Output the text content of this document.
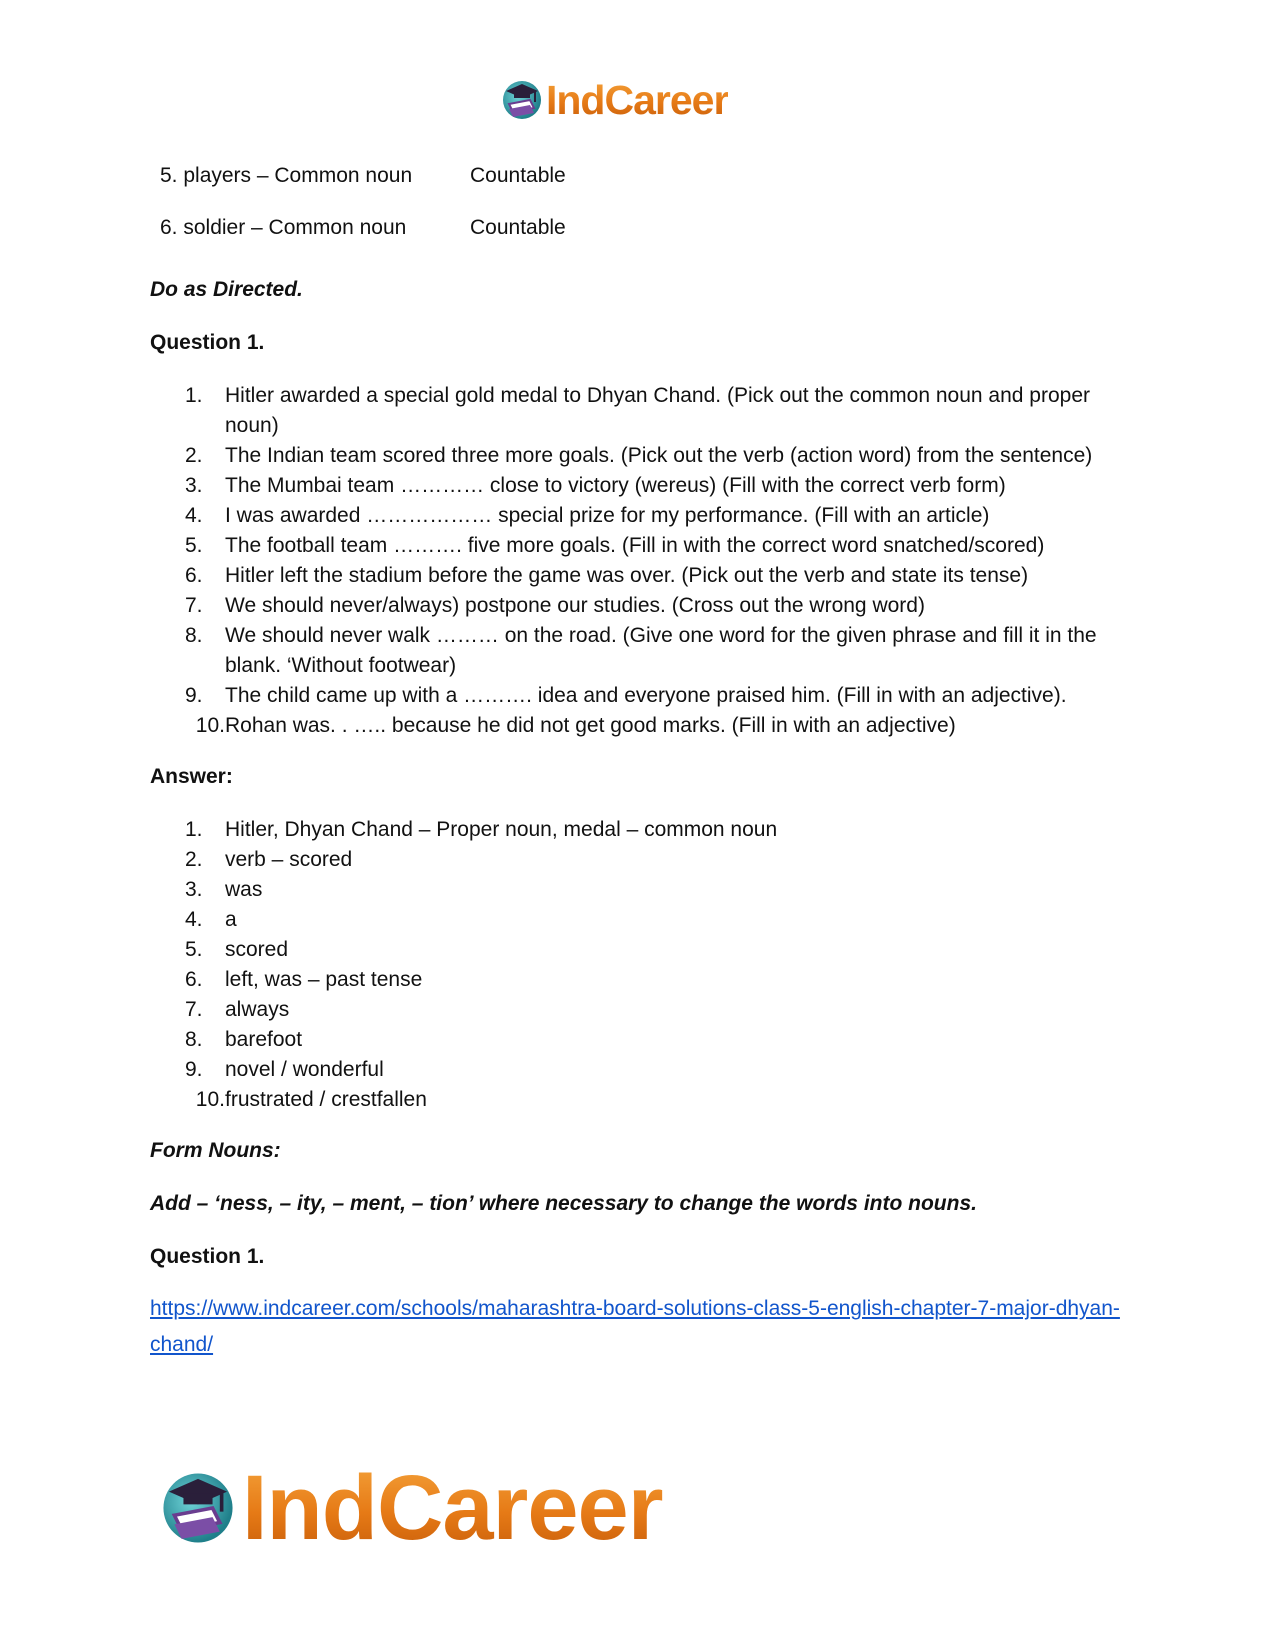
IndCareer
5. players – Common noun	Countable
6. soldier – Common noun	Countable

Do as Directed.

Question 1.

1.	Hitler awarded a special gold medal to Dhyan Chand. (Pick out the common noun and proper noun)
2.	The Indian team scored three more goals. (Pick out the verb (action word) from the sentence)
3.	The Mumbai team ………… close to victory (wereus) (Fill with the correct verb form)
4.	I was awarded ……………… special prize for my performance. (Fill with an article)
5.	The football team ………. five more goals. (Fill in with the correct word snatched/scored)
6.	Hitler left the stadium before the game was over. (Pick out the verb and state its tense)
7.	We should never/always) postpone our studies. (Cross out the wrong word)
8.	We should never walk ……… on the road. (Give one word for the given phrase and fill it in the blank. ‘Without footwear)
9.	The child came up with a ………. idea and everyone praised him. (Fill in with an adjective).
10. Rohan was. . ….. because he did not get good marks. (Fill in with an adjective)

Answer:

1.	Hitler, Dhyan Chand – Proper noun, medal – common noun
2.	verb – scored
3.	was
4.	a
5.	scored
6.	left, was – past tense
7.	always
8.	barefoot
9.	novel / wonderful
10. frustrated / crestfallen

Form Nouns:

Add – ‘ness, – ity, – ment, – tion’ where necessary to change the words into nouns.

Question 1.

https://www.indcareer.com/schools/maharashtra-board-solutions-class-5-english-chapter-7-major-dhyan-chand/
IndCareer
